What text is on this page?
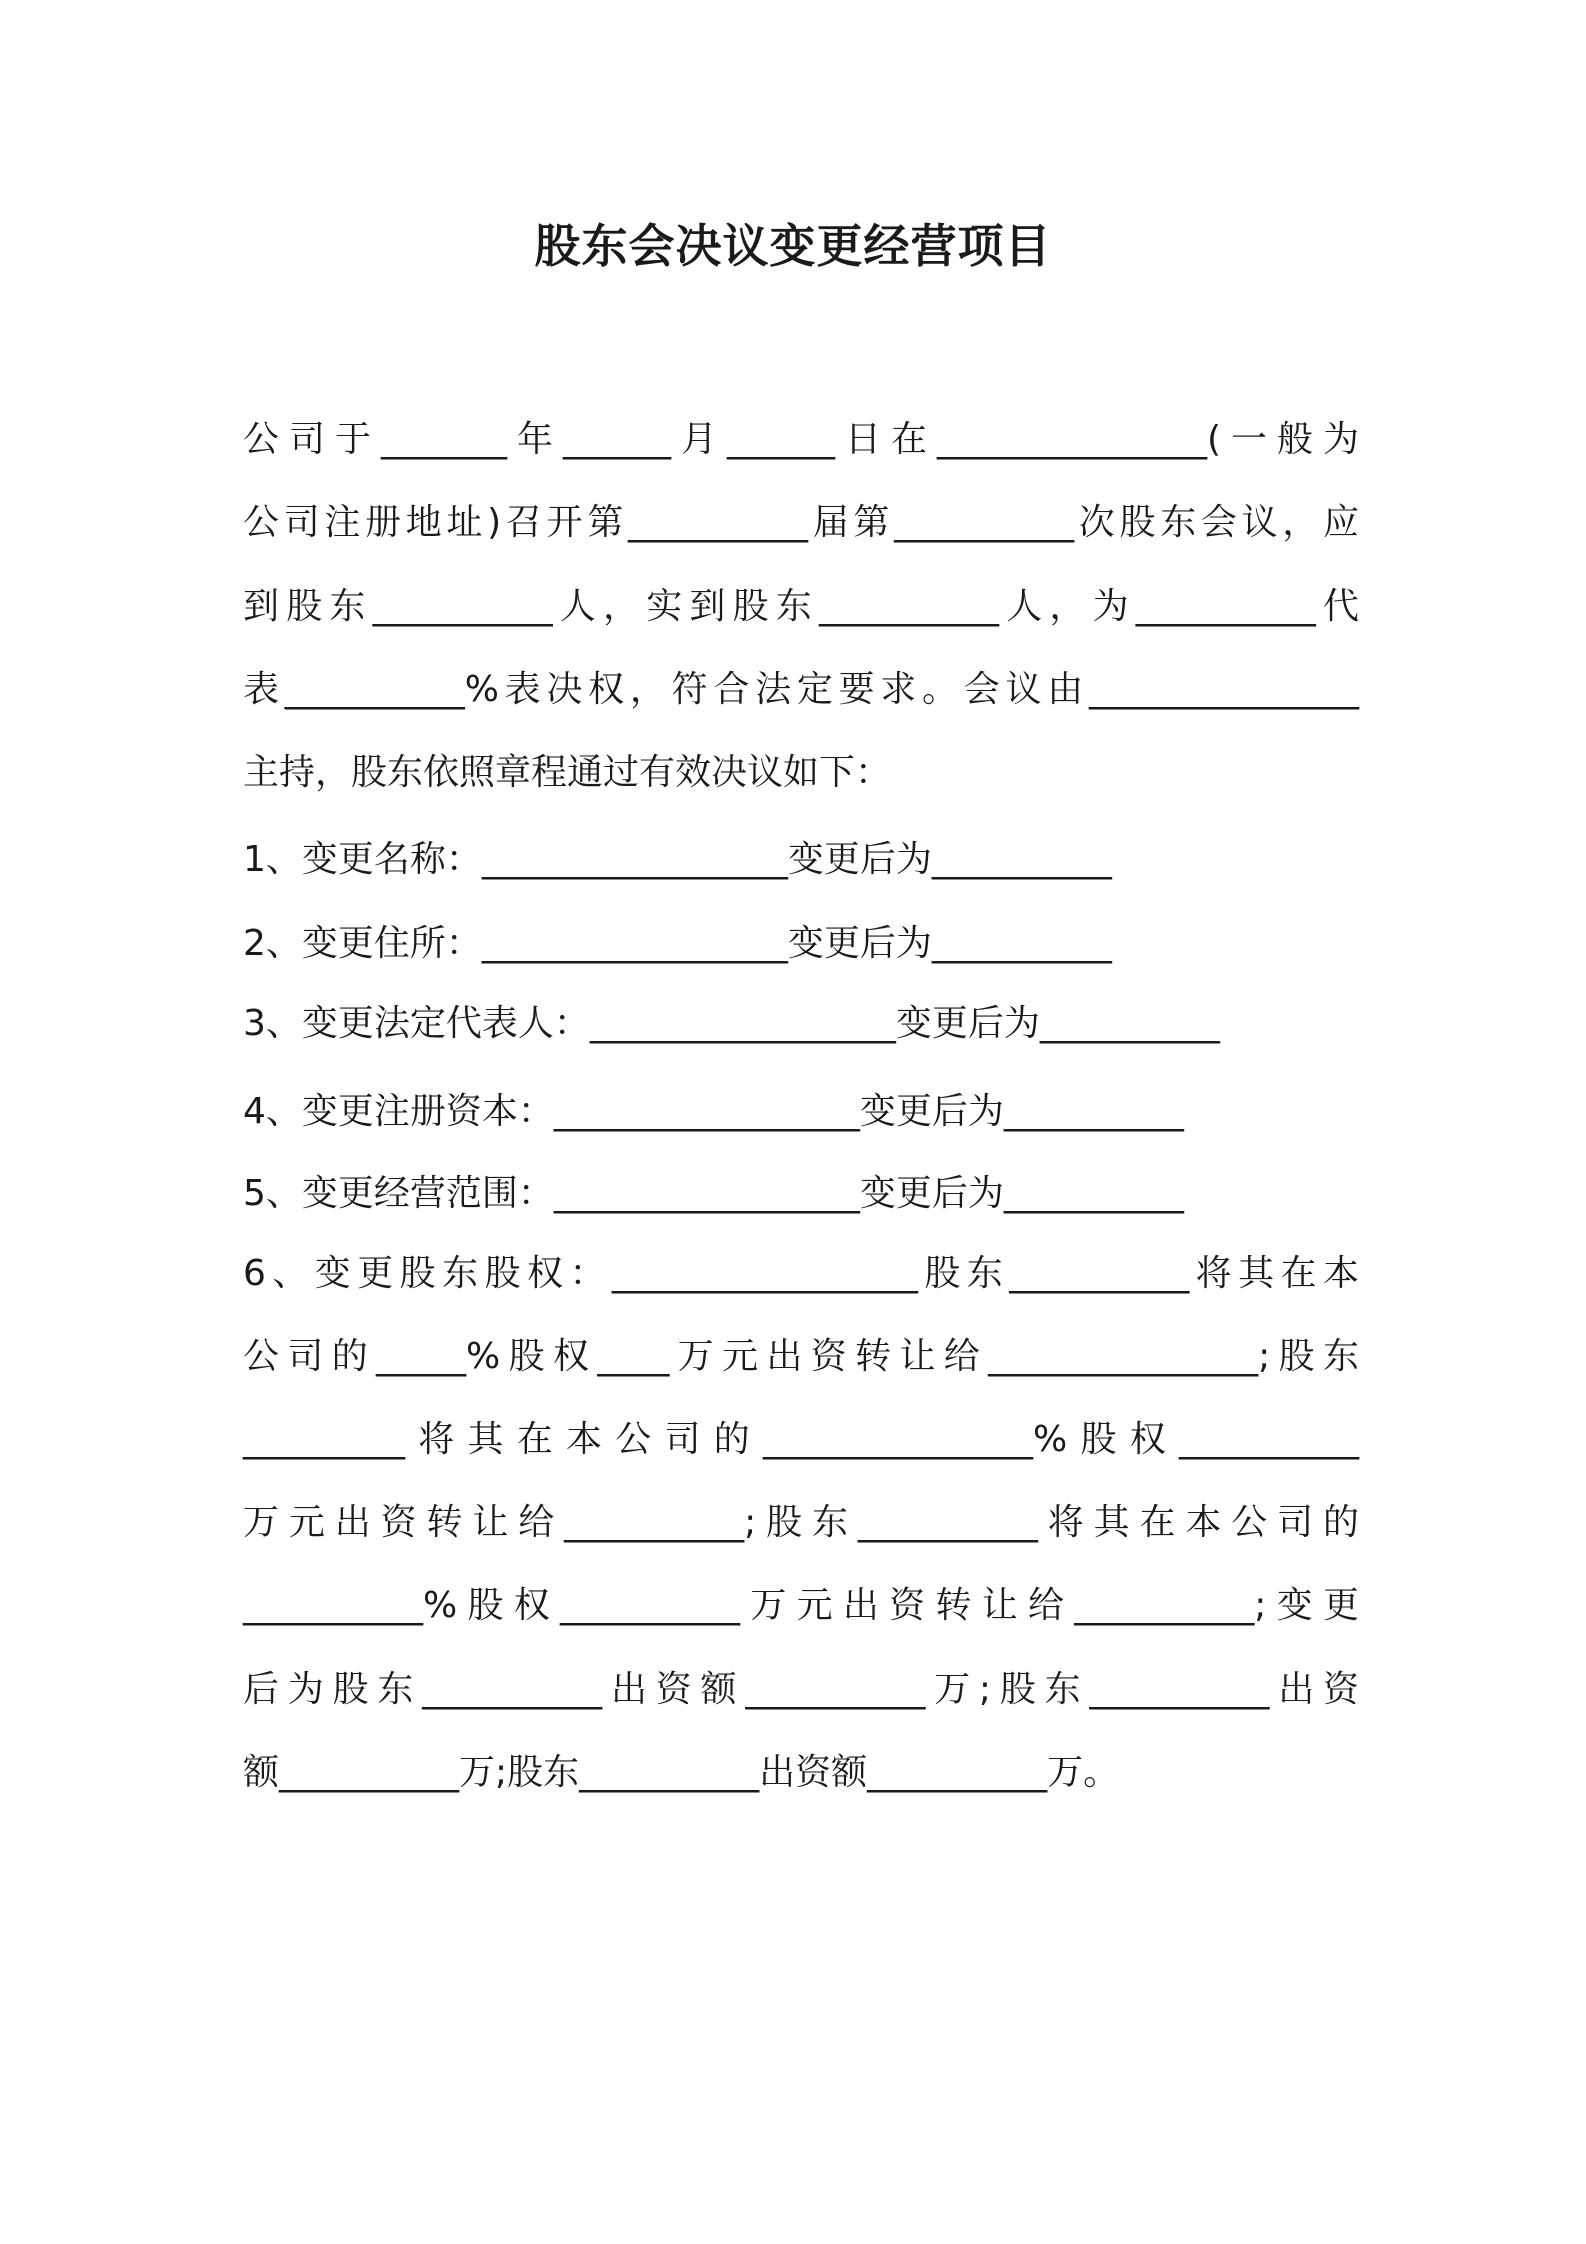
股东会决议变更经营项目
公司于_______年______月______日在_______________(一般为
公司注册地址)召开第__________届第__________次股东会议，应
到股东__________人，实到股东__________人，为__________代
表__________%表决权，符合法定要求。会议由_______________
主持，股东依照章程通过有效决议如下：
1、变更名称：_________________变更后为__________
2、变更住所：_________________变更后为__________
3、变更法定代表人：_________________变更后为__________
4、变更注册资本：_________________变更后为__________
5、变更经营范围：_________________变更后为__________
6、变更股东股权：_________________股东__________将其在本
公司的_____%股权____万元出资转让给_______________;股东
_________将其在本公司的_______________%股权__________
万元出资转让给__________;股东__________将其在本公司的
__________%股权__________万元出资转让给__________;变更
后为股东__________出资额__________万;股东__________出资
额__________万;股东__________出资额__________万。
